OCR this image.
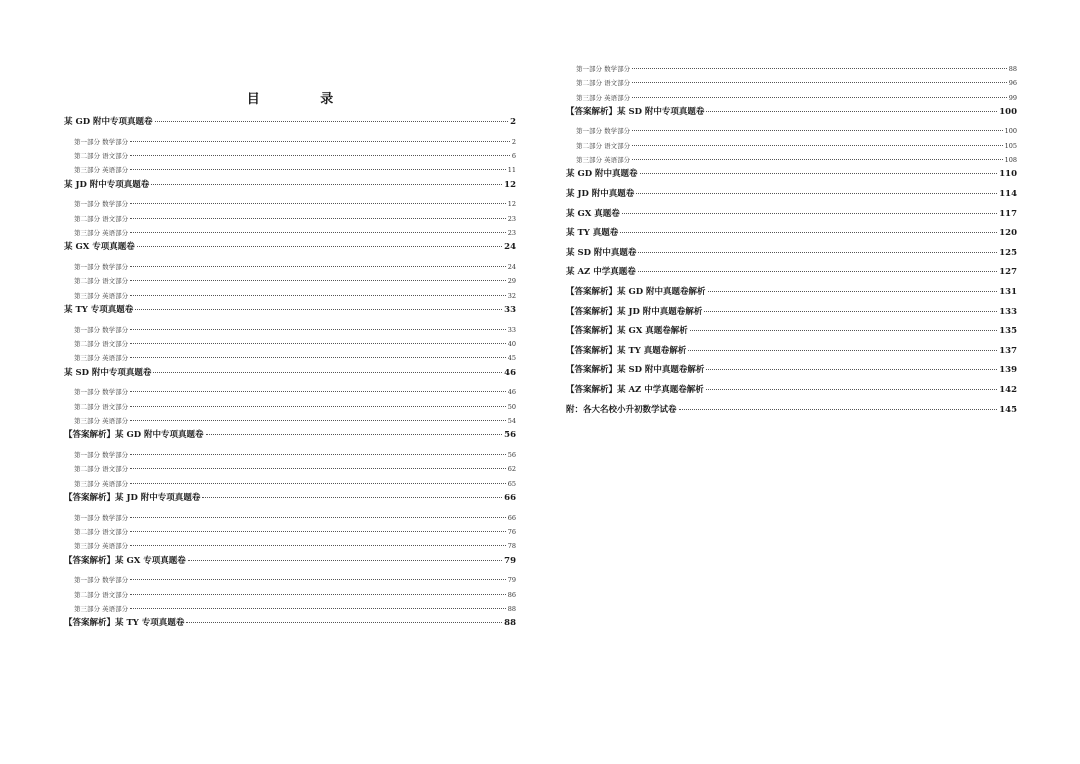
目 录
某 GD 附中专项真题卷	2
第一部分 数学部分	2
第二部分 语文部分	6
第三部分 英语部分	11
某 JD 附中专项真题卷	12
第一部分 数学部分	12
第二部分 语文部分	23
第三部分 英语部分	23
某 GX 专项真题卷	24
第一部分 数学部分	24
第二部分 语文部分	29
第三部分 英语部分	32
某 TY 专项真题卷	33
第一部分 数学部分	33
第二部分 语文部分	40
第三部分 英语部分	45
某 SD 附中专项真题卷	46
第一部分 数学部分	46
第二部分 语文部分	50
第三部分 英语部分	54
【答案解析】某 GD 附中专项真题卷	56
第一部分 数学部分	56
第二部分 语文部分	62
第三部分 英语部分	65
【答案解析】某 JD 附中专项真题卷	66
第一部分 数学部分	66
第二部分 语文部分	76
第三部分 英语部分	78
【答案解析】某 GX 专项真题卷	79
第一部分 数学部分	79
第二部分 语文部分	86
第三部分 英语部分	88
【答案解析】某 TY 专项真题卷	88
第一部分 数学部分	88
第二部分 语文部分	96
第三部分 英语部分	99
【答案解析】某 SD 附中专项真题卷	100
第一部分 数学部分	100
第二部分 语文部分	105
第三部分 英语部分	108
某 GD 附中真题卷	110
某 JD 附中真题卷	114
某 GX 真题卷	117
某 TY 真题卷	120
某 SD 附中真题卷	125
某 AZ 中学真题卷	127
【答案解析】某 GD 附中真题卷解析	131
【答案解析】某 JD 附中真题卷解析	133
【答案解析】某 GX 真题卷解析	135
【答案解析】某 TY 真题卷解析	137
【答案解析】某 SD 附中真题卷解析	139
【答案解析】某 AZ 中学真题卷解析	142
附：各大名校小升初数学试卷	145
